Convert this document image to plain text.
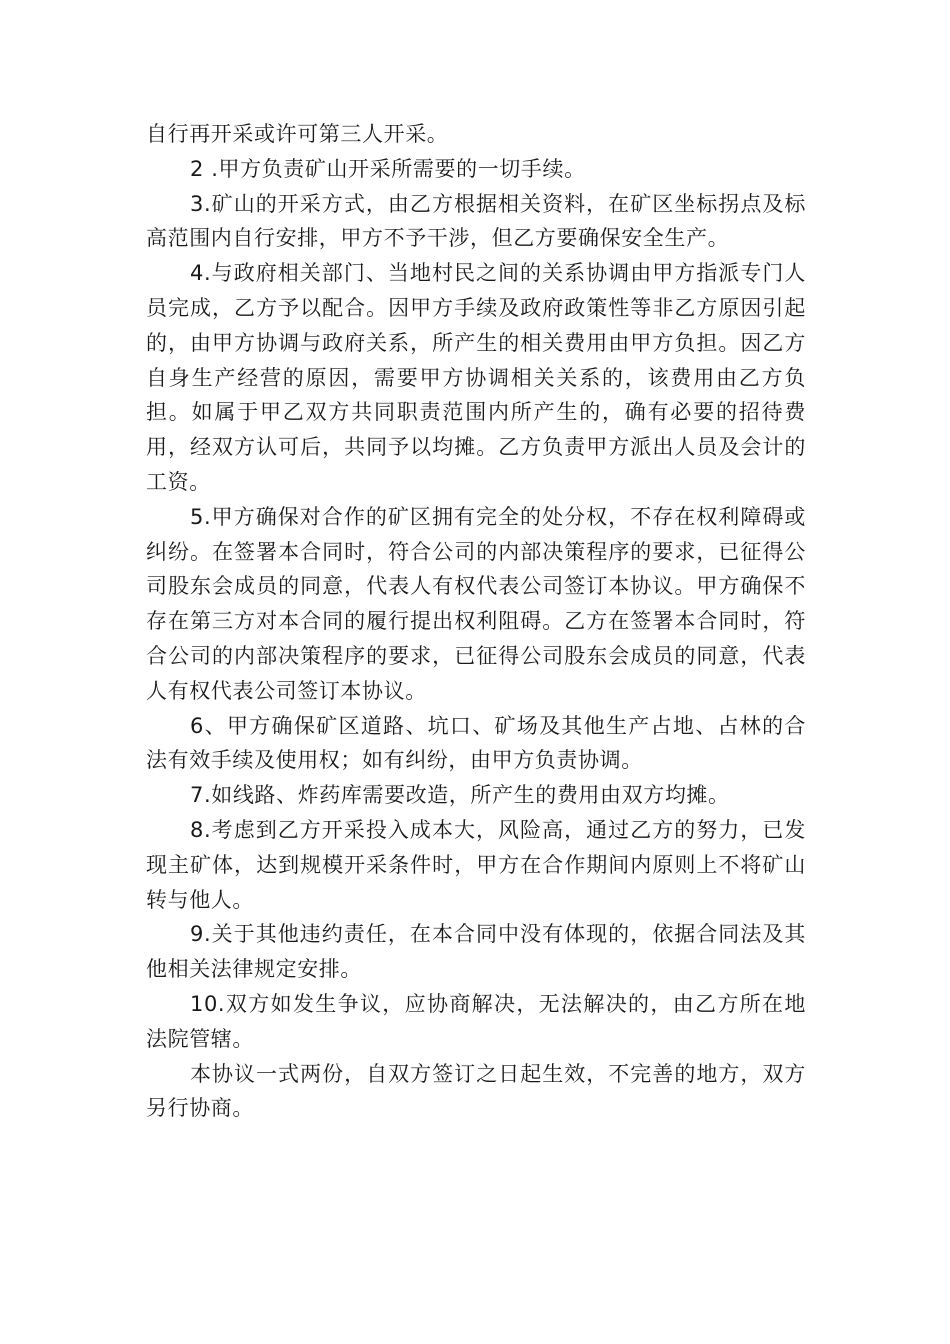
自行再开采或许可第三人开采。

2 .甲方负责矿山开采所需要的一切手续。

3.矿山的开采方式，由乙方根据相关资料，在矿区坐标拐点及标高范围内自行安排，甲方不予干涉，但乙方要确保安全生产。

4.与政府相关部门、当地村民之间的关系协调由甲方指派专门人员完成，乙方予以配合。因甲方手续及政府政策性等非乙方原因引起的，由甲方协调与政府关系，所产生的相关费用由甲方负担。因乙方自身生产经营的原因，需要甲方协调相关关系的，该费用由乙方负担。如属于甲乙双方共同职责范围内所产生的，确有必要的招待费用，经双方认可后，共同予以均摊。乙方负责甲方派出人员及会计的工资。

5.甲方确保对合作的矿区拥有完全的处分权，不存在权利障碍或纠纷。在签署本合同时，符合公司的内部决策程序的要求，已征得公司股东会成员的同意，代表人有权代表公司签订本协议。甲方确保不存在第三方对本合同的履行提出权利阻碍。乙方在签署本合同时，符合公司的内部决策程序的要求，已征得公司股东会成员的同意，代表人有权代表公司签订本协议。

6、甲方确保矿区道路、坑口、矿场及其他生产占地、占林的合法有效手续及使用权；如有纠纷，由甲方负责协调。

7.如线路、炸药库需要改造，所产生的费用由双方均摊。

8.考虑到乙方开采投入成本大，风险高，通过乙方的努力，已发现主矿体，达到规模开采条件时，甲方在合作期间内原则上不将矿山转与他人。

9.关于其他违约责任，在本合同中没有体现的，依据合同法及其他相关法律规定安排。

10.双方如发生争议，应协商解决，无法解决的，由乙方所在地法院管辖。

本协议一式两份，自双方签订之日起生效，不完善的地方，双方另行协商。
